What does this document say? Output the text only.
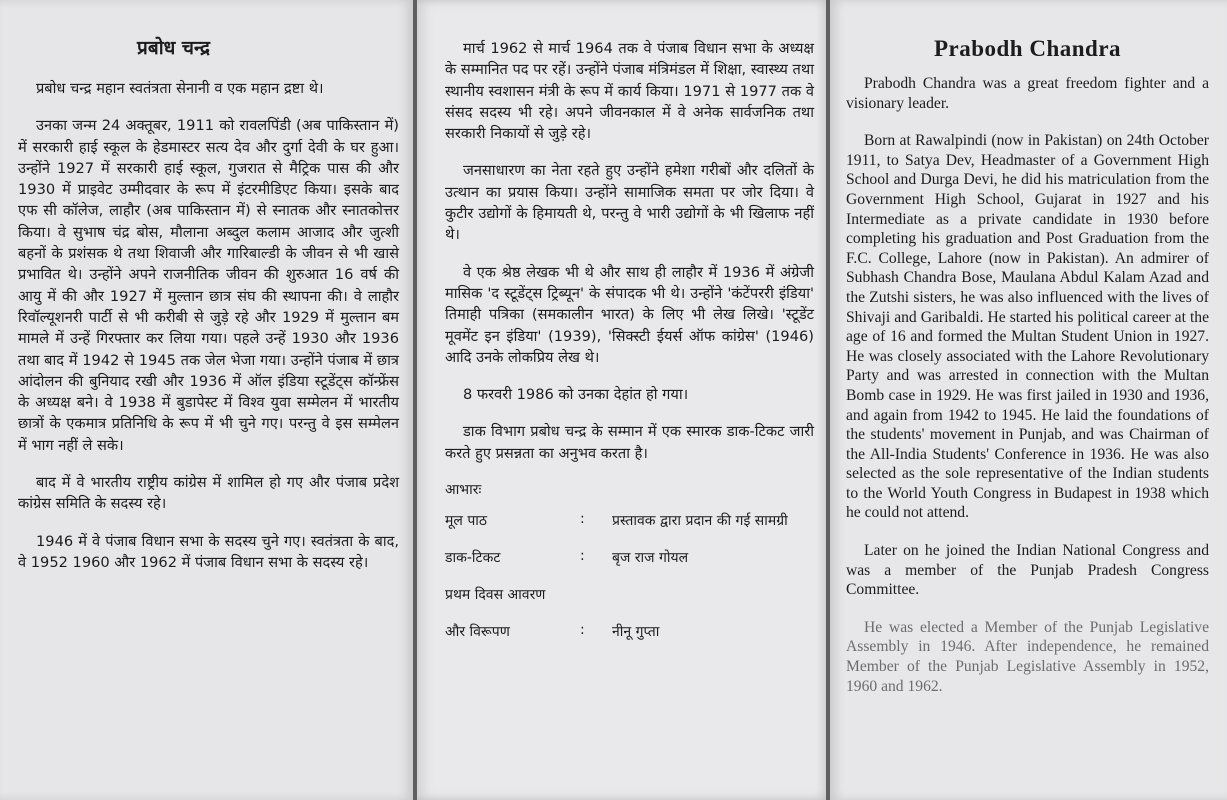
प्रबोध चन्द्र

प्रबोध चन्द्र महान स्वतंत्रता सेनानी व एक महान द्रष्टा थे।

उनका जन्म 24 अक्तूबर, 1911 को रावलपिंडी (अब पाकिस्तान में) में सरकारी हाई स्कूल के हेडमास्टर सत्य देव और दुर्गा देवी के घर हुआ। उन्होंने 1927 में सरकारी हाई स्कूल, गुजरात से मैट्रिक पास की और 1930 में प्राइवेट उम्मीदवार के रूप में इंटरमीडिएट किया। इसके बाद एफ सी कॉलेज, लाहौर (अब पाकिस्तान में) से स्नातक और स्नातकोत्तर किया। वे सुभाष चंद्र बोस, मौलाना अब्दुल कलाम आजाद और जुत्शी बहनों के प्रशंसक थे तथा शिवाजी और गारिबाल्डी के जीवन से भी खासे प्रभावित थे। उन्होंने अपने राजनीतिक जीवन की शुरुआत 16 वर्ष की आयु में की और 1927 में मुल्तान छात्र संघ की स्थापना की। वे लाहौर रिवॉल्यूशनरी पार्टी से भी करीबी से जुड़े रहे और 1929 में मुल्तान बम मामले में उन्हें गिरफ्तार कर लिया गया। पहले उन्हें 1930 और 1936 तथा बाद में 1942 से 1945 तक जेल भेजा गया। उन्होंने पंजाब में छात्र आंदोलन की बुनियाद रखी और 1936 में ऑल इंडिया स्टूडेंट्स कॉन्फ्रेंस के अध्यक्ष बने। वे 1938 में बुडापेस्ट में विश्व युवा सम्मेलन में भारतीय छात्रों के एकमात्र प्रतिनिधि के रूप में भी चुने गए। परन्तु वे इस सम्मेलन में भाग नहीं ले सके।

बाद में वे भारतीय राष्ट्रीय कांग्रेस में शामिल हो गए और पंजाब प्रदेश कांग्रेस समिति के सदस्य रहे।

1946 में वे पंजाब विधान सभा के सदस्य चुने गए। स्वतंत्रता के बाद, वे 1952 1960 और 1962 में पंजाब विधान सभा के सदस्य रहे।

मार्च 1962 से मार्च 1964 तक वे पंजाब विधान सभा के अध्यक्ष के सम्मानित पद पर रहें। उन्होंने पंजाब मंत्रिमंडल में शिक्षा, स्वास्थ्य तथा स्थानीय स्वशासन मंत्री के रूप में कार्य किया। 1971 से 1977 तक वे संसद सदस्य भी रहे। अपने जीवनकाल में वे अनेक सार्वजनिक तथा सरकारी निकायों से जुड़े रहे।

जनसाधारण का नेता रहते हुए उन्होंने हमेशा गरीबों और दलितों के उत्थान का प्रयास किया। उन्होंने सामाजिक समता पर जोर दिया। वे कुटीर उद्योगों के हिमायती थे, परन्तु वे भारी उद्योगों के भी खिलाफ नहीं थे।

वे एक श्रेष्ठ लेखक भी थे और साथ ही लाहौर में 1936 में अंग्रेजी मासिक 'द स्टूडेंट्स ट्रिब्यून' के संपादक भी थे। उन्होंने 'कंटेंपररी इंडिया' तिमाही पत्रिका (समकालीन भारत) के लिए भी लेख लिखे। 'स्टूडेंट मूवमेंट इन इंडिया' (1939), 'सिक्स्टी ईयर्स ऑफ कांग्रेस' (1946) आदि उनके लोकप्रिय लेख थे।

8 फरवरी 1986 को उनका देहांत हो गया।

डाक विभाग प्रबोध चन्द्र के सम्मान में एक स्मारक डाक-टिकट जारी करते हुए प्रसन्नता का अनुभव करता है।

आभारः
मूल पाठ	:	प्रस्तावक द्वारा प्रदान की गई सामग्री
डाक-टिकट	:	बृज राज गोयल
प्रथम दिवस आवरण
और विरूपण	:	नीनू गुप्ता
Prabodh Chandra

Prabodh Chandra was a great freedom fighter and a visionary leader.

Born at Rawalpindi (now in Pakistan) on 24th October 1911, to Satya Dev, Headmaster of a Government High School and Durga Devi, he did his matriculation from the Government High School, Gujarat in 1927 and his Intermediate as a private candidate in 1930 before completing his graduation and Post Graduation from the F.C. College, Lahore (now in Pakistan). An admirer of Subhash Chandra Bose, Maulana Abdul Kalam Azad and the Zutshi sisters, he was also influenced with the lives of Shivaji and Garibaldi. He started his political career at the age of 16 and formed the Multan Student Union in 1927. He was closely associated with the Lahore Revolutionary Party and was arrested in connection with the Multan Bomb case in 1929. He was first jailed in 1930 and 1936, and again from 1942 to 1945. He laid the foundations of the students' movement in Punjab, and was Chairman of the All-India Students' Conference in 1936. He was also selected as the sole representative of the Indian students to the World Youth Congress in Budapest in 1938 which he could not attend.

Later on he joined the Indian National Congress and was a member of the Punjab Pradesh Congress Committee.

He was elected a Member of the Punjab Legislative Assembly in 1946. After independence, he remained Member of the Punjab Legislative Assembly in 1952, 1960 and 1962.
